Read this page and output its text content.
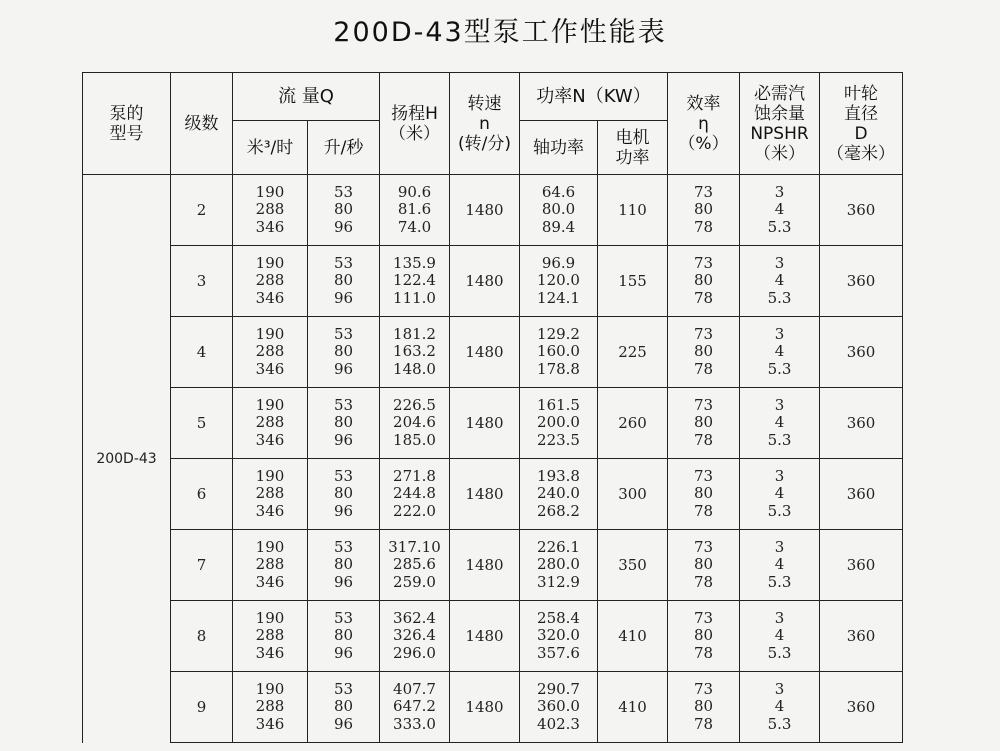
200D-43型泵工作性能表
泵的
型号	级数	流 量Q		扬程H
（米）	转速
n
(转/分)	功率N（KW）		效率
η
（%）	必需汽
蚀余量
NPSHR
（米）	叶轮
直径
D
（毫米）

		米³/时	升/秒			轴功率	电机
功率			

200D-43	2	190
288
346	53
80
96	90.6
81.6
74.0	1480	64.6
80.0
89.4	110	73
80
78	3
4
5.3	360
	3	190
288
346	53
80
96	135.9
122.4
111.0	1480	96.9
120.0
124.1	155	73
80
78	3
4
5.3	360
	4	190
288
346	53
80
96	181.2
163.2
148.0	1480	129.2
160.0
178.8	225	73
80
78	3
4
5.3	360
	5	190
288
346	53
80
96	226.5
204.6
185.0	1480	161.5
200.0
223.5	260	73
80
78	3
4
5.3	360
	6	190
288
346	53
80
96	271.8
244.8
222.0	1480	193.8
240.0
268.2	300	73
80
78	3
4
5.3	360
	7	190
288
346	53
80
96	317.10
285.6
259.0	1480	226.1
280.0
312.9	350	73
80
78	3
4
5.3	360
	8	190
288
346	53
80
96	362.4
326.4
296.0	1480	258.4
320.0
357.6	410	73
80
78	3
4
5.3	360
	9	190
288
346	53
80
96	407.7
647.2
333.0	1480	290.7
360.0
402.3	410	73
80
78	3
4
5.3	360
